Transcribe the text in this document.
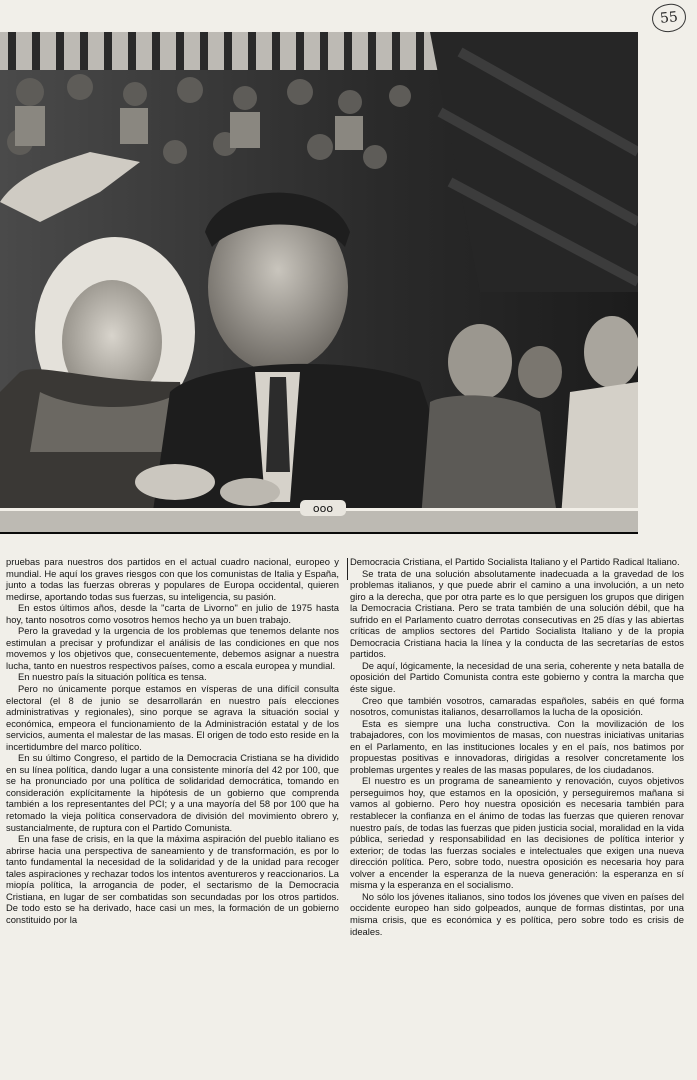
55
ooo

pruebas para nuestros dos partidos en el actual cuadro nacional, europeo y mundial. He aquí los graves riesgos con que los comunistas de Italia y España, junto a todas las fuerzas obreras y populares de Europa occidental, quieren medirse, aportando todas sus fuerzas, su inteligencia, su pasión.

En estos últimos años, desde la "carta de Livorno" en julio de 1975 hasta hoy, tanto nosotros como vosotros hemos hecho ya un buen trabajo.

Pero la gravedad y la urgencia de los problemas que tenemos delante nos estimulan a precisar y profundizar el análisis de las condiciones en que nos movemos y los objetivos que, consecuentemente, debemos asignar a nuestra lucha, tanto en nuestros respectivos países, como a escala europea y mundial.

En nuestro país la situación política es tensa.

Pero no únicamente porque estamos en vísperas de una difícil consulta electoral (el 8 de junio se desarrollarán en nuestro país elecciones administrativas y regionales), sino porque se agrava la situación social y económica, empeora el funcionamiento de la Administración estatal y de los servicios, aumenta el malestar de las masas. El origen de todo esto reside en la incertidumbre del marco político.

En su último Congreso, el partido de la Democracia Cristiana se ha dividido en su línea política, dando lugar a una consistente minoría del 42 por 100, que se ha pronunciado por una política de solidaridad democrática, tomando en consideración explícitamente la hipótesis de un gobierno que comprenda también a los representantes del PCI; y a una mayoría del 58 por 100 que ha retomado la vieja política conservadora de división del movimiento obrero y, sustancialmente, de ruptura con el Partido Comunista.

En una fase de crisis, en la que la máxima aspiración del pueblo italiano es abrirse hacia una perspectiva de saneamiento y de transformación, es por lo tanto fundamental la necesidad de la solidaridad y de la unidad para recoger tales aspiraciones y rechazar todos los intentos aventureros y reaccionarios. La miopía política, la arrogancia de poder, el sectarismo de la Democracia Cristiana, en lugar de ser combatidas son secundadas por los otros partidos. De todo esto se ha derivado, hace casi un mes, la formación de un gobierno constituido por la

Democracia Cristiana, el Partido Socialista Italiano y el Partido Radical Italiano.

Se trata de una solución absolutamente inadecuada a la gravedad de los problemas italianos, y que puede abrir el camino a una involución, a un neto giro a la derecha, que por otra parte es lo que persiguen los grupos que dirigen la Democracia Cristiana. Pero se trata también de una solución débil, que ha sufrido en el Parlamento cuatro derrotas consecutivas en 25 días y las abiertas críticas de amplios sectores del Partido Socialista Italiano y de la propia Democracia Cristiana hacia la línea y la conducta de las secretarías de estos partidos.

De aquí, lógicamente, la necesidad de una seria, coherente y neta batalla de oposición del Partido Comunista contra este gobierno y contra la marcha que éste sigue.

Creo que también vosotros, camaradas españoles, sabéis en qué forma nosotros, comunistas italianos, desarrollamos la lucha de la oposición.

Esta es siempre una lucha constructiva. Con la movilización de los trabajadores, con los movimientos de masas, con nuestras iniciativas unitarias en el Parlamento, en las instituciones locales y en el país, nos batimos por propuestas positivas e innovadoras, dirigidas a resolver concretamente los problemas urgentes y reales de las masas populares, de los ciudadanos.

El nuestro es un programa de saneamiento y renovación, cuyos objetivos perseguimos hoy, que estamos en la oposición, y perseguiremos mañana si vamos al gobierno. Pero hoy nuestra oposición es necesaria también para restablecer la confianza en el ánimo de todas las fuerzas que quieren renovar nuestro país, de todas las fuerzas que piden justicia social, moralidad en la vida pública, seriedad y responsabilidad en las decisiones de política interior y exterior; de todas las fuerzas sociales e intelectuales que exigen una nueva dirección política. Pero, sobre todo, nuestra oposición es necesaria hoy para volver a encender la esperanza de la nueva generación: la esperanza en sí misma y la esperanza en el socialismo.

No sólo los jóvenes italianos, sino todos los jóvenes que viven en países del occidente europeo han sido golpeados, aunque de formas distintas, por una misma crisis, que es económica y es política, pero sobre todo es crisis de ideales.
